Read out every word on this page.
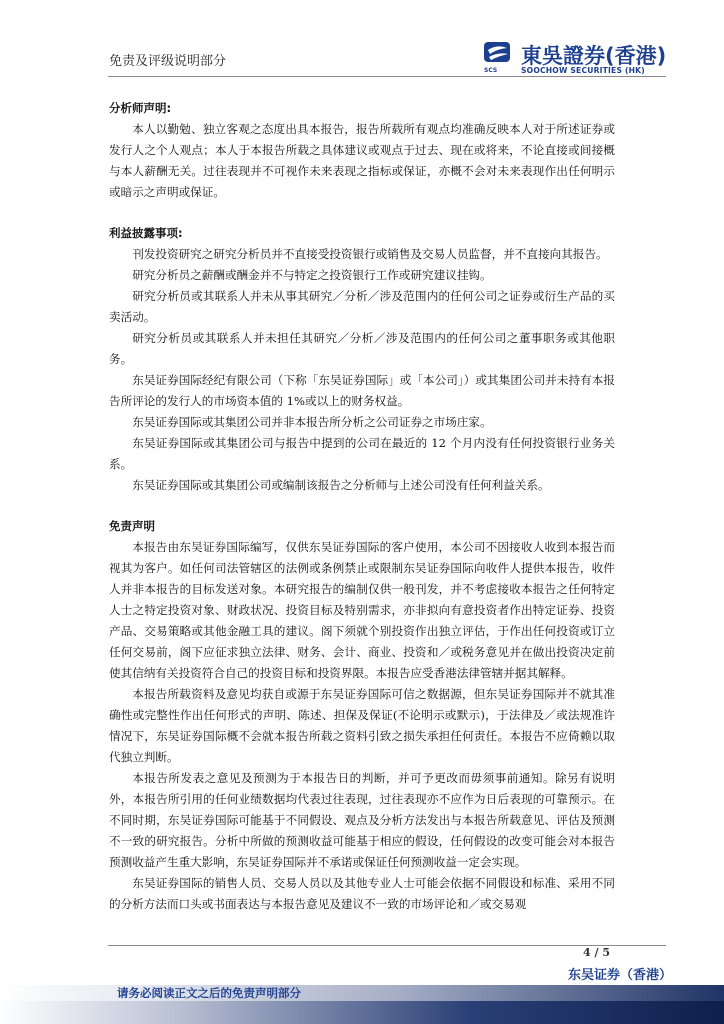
免责及评级说明部分
SCS
東吳證券(香港)
SOOCHOW SECURITIES (HK)
分析师声明:

本人以勤勉、独立客观之态度出具本报告，报告所载所有观点均准确反映本人对于所述证券或发行人之个人观点；本人于本报告所载之具体建议或观点于过去、现在或将来，不论直接或间接概与本人薪酬无关。过往表现并不可视作未来表现之指标或保证，亦概不会对未来表现作出任何明示或暗示之声明或保证。

利益披露事项:

刊发投资研究之研究分析员并不直接受投资银行或销售及交易人员监督，并不直接向其报告。

研究分析员之薪酬或酬金并不与特定之投资银行工作或研究建议挂钩。

研究分析员或其联系人并未从事其研究／分析／涉及范围内的任何公司之证券或衍生产品的买卖活动。

研究分析员或其联系人并未担任其研究／分析／涉及范围内的任何公司之董事职务或其他职务。

东吴证券国际经纪有限公司（下称「东吴证券国际」或「本公司」）或其集团公司并未持有本报告所评论的发行人的市场资本值的 1%或以上的财务权益。

东吴证券国际或其集团公司并非本报告所分析之公司证券之市场庄家。

东吴证券国际或其集团公司与报告中提到的公司在最近的 12 个月内没有任何投资银行业务关系。

东吴证券国际或其集团公司或编制该报告之分析师与上述公司没有任何利益关系。

免责声明

本报告由东吴证券国际编写，仅供东吴证券国际的客户使用，本公司不因接收人收到本报告而视其为客户。如任何司法管辖区的法例或条例禁止或限制东吴证券国际向收件人提供本报告，收件人并非本报告的目标发送对象。本研究报告的编制仅供一般刊发，并不考虑接收本报告之任何特定人士之特定投资对象、财政状况、投资目标及特别需求，亦非拟向有意投资者作出特定证券、投资产品、交易策略或其他金融工具的建议。阁下须就个别投资作出独立评估，于作出任何投资或订立任何交易前，阁下应征求独立法律、财务、会计、商业、投资和／或税务意见并在做出投资决定前使其信纳有关投资符合自己的投资目标和投资界限。本报告应受香港法律管辖并据其解释。

本报告所载资料及意见均获自或源于东吴证券国际可信之数据源，但东吴证券国际并不就其准确性或完整性作出任何形式的声明、陈述、担保及保证(不论明示或默示)，于法律及／或法规准许情况下，东吴证券国际概不会就本报告所载之资料引致之损失承担任何责任。本报告不应倚赖以取代独立判断。

本报告所发表之意见及预测为于本报告日的判断，并可予更改而毋须事前通知。除另有说明外，本报告所引用的任何业绩数据均代表过往表现，过往表现亦不应作为日后表现的可靠预示。在不同时期，东吴证券国际可能基于不同假设、观点及分析方法发出与本报告所载意见、评估及预测不一致的研究报告。分析中所做的预测收益可能基于相应的假设，任何假设的改变可能会对本报告预测收益产生重大影响，东吴证券国际并不承诺或保证任何预测收益一定会实现。

东吴证券国际的销售人员、交易人员以及其他专业人士可能会依据不同假设和标准、采用不同的分析方法而口头或书面表达与本报告意见及建议不一致的市场评论和／或交易观

4 / 5
东吴证券（香港）
请务必阅读正文之后的免责声明部分
